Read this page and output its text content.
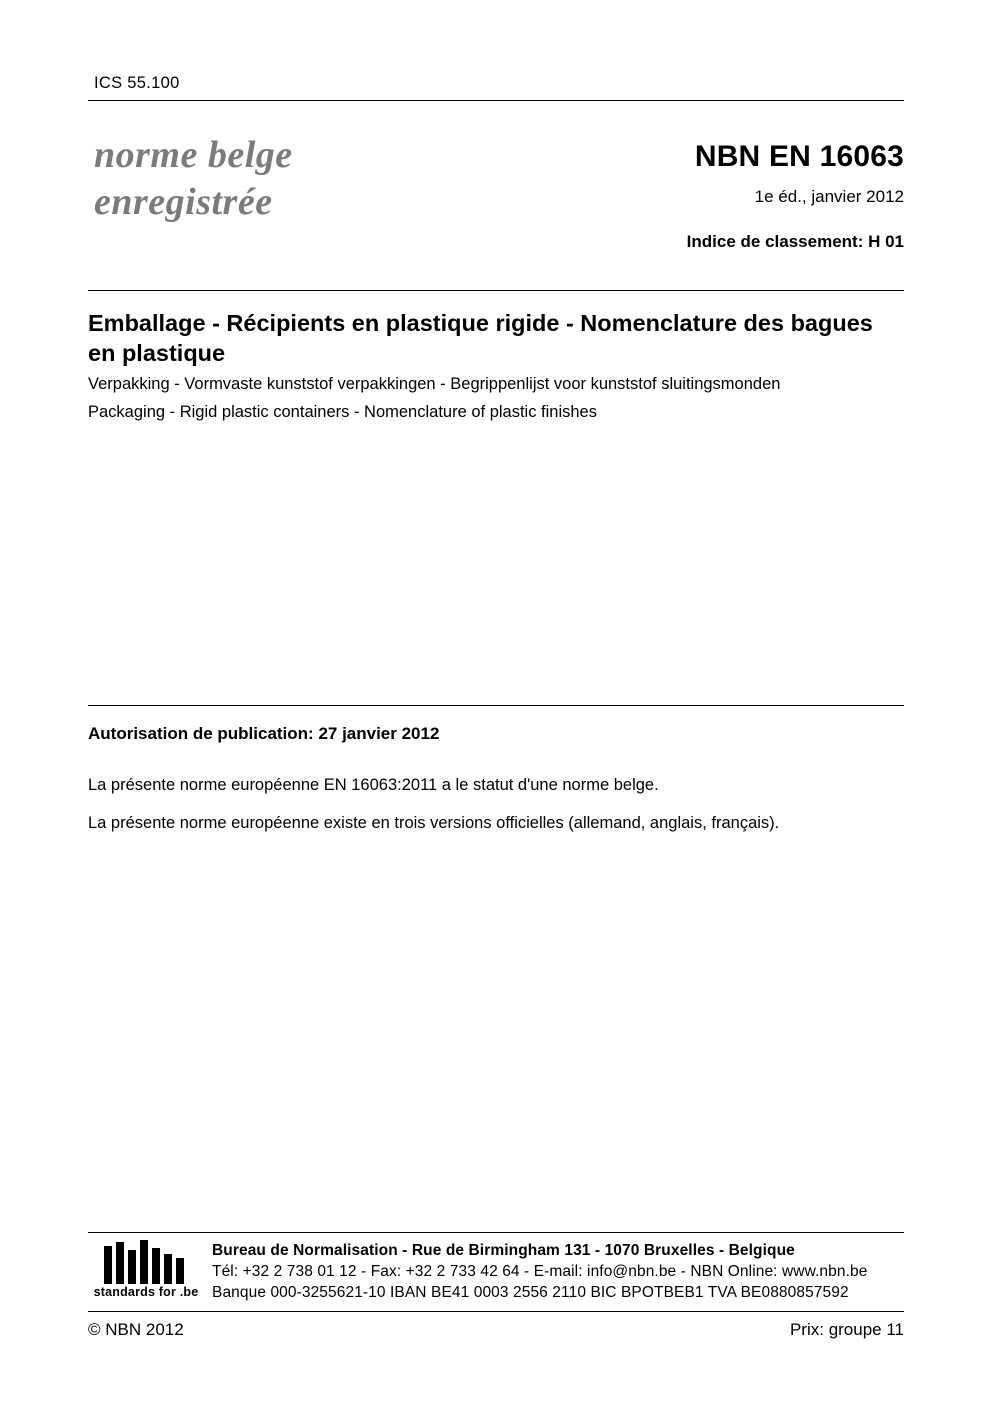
ICS 55.100
norme belge
enregistrée
NBN EN 16063
1e éd., janvier 2012
Indice de classement: H 01
Emballage - Récipients en plastique rigide - Nomenclature des bagues en plastique
Verpakking - Vormvaste kunststof verpakkingen - Begrippenlijst voor kunststof sluitingsmonden
Packaging - Rigid plastic containers - Nomenclature of plastic finishes
Autorisation de publication: 27 janvier 2012
La présente norme européenne EN 16063:2011 a le statut d'une norme belge.
La présente norme européenne existe en trois versions officielles (allemand, anglais, français).
standards for .be
Bureau de Normalisation - Rue de Birmingham 131 - 1070 Bruxelles - Belgique
Tél: +32 2 738 01 12 - Fax: +32 2 733 42 64 - E-mail: info@nbn.be - NBN Online: www.nbn.be
Banque 000-3255621-10 IBAN BE41 0003 2556 2110 BIC BPOTBEB1 TVA BE0880857592
© NBN 2012	Prix: groupe 11
